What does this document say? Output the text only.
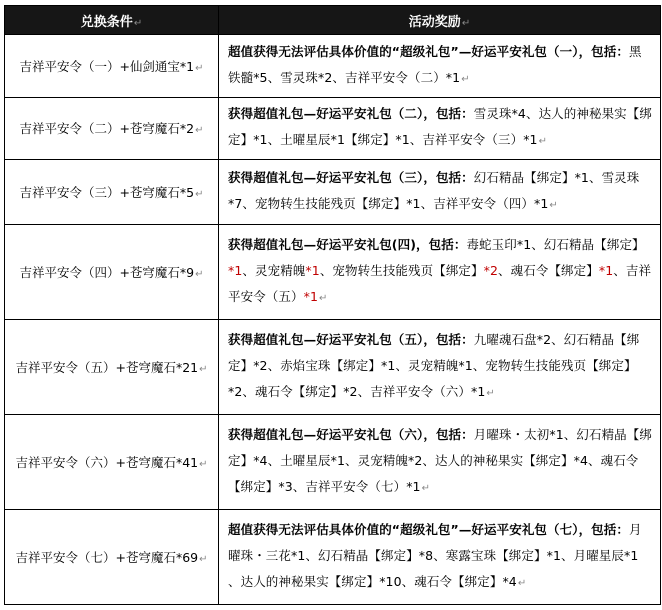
兑换条件↵	活动奖励↵
吉祥平安令（一）+仙剑通宝*1↵	超值获得无法评估具体价值的“超级礼包”—好运平安礼包（一），包括：黑铁髓*5、雪灵珠*2、吉祥平安令（二）*1↵
吉祥平安令（二）+苍穹魔石*2↵	获得超值礼包—好运平安礼包（二），包括：雪灵珠*4、达人的神秘果实【绑定】*1、土曜星辰*1【绑定】*1、吉祥平安令（三）*1↵
吉祥平安令（三）+苍穹魔石*5↵	获得超值礼包—好运平安礼包（三），包括：幻石精晶【绑定】*1、雪灵珠*7、宠物转生技能残页【绑定】*1、吉祥平安令（四）*1↵
吉祥平安令（四）+苍穹魔石*9↵	获得超值礼包—好运平安礼包(四)，包括：毒蛇玉印*1、幻石精晶【绑定】*1、灵宠精魄*1、宠物转生技能残页【绑定】*2、魂石令【绑定】*1、吉祥平安令（五）*1↵
吉祥平安令（五）+苍穹魔石*21↵	获得超值礼包—好运平安礼包（五），包括：九曜魂石盘*2、幻石精晶【绑定】*2、赤焰宝珠【绑定】*1、灵宠精魄*1、宠物转生技能残页【绑定】*2、魂石令【绑定】*2、吉祥平安令（六）*1↵
吉祥平安令（六）+苍穹魔石*41↵	获得超值礼包—好运平安礼包（六），包括：月曜珠・太初*1、幻石精晶【绑定】*4、土曜星辰*1、灵宠精魄*2、达人的神秘果实【绑定】*4、魂石令【绑定】*3、吉祥平安令（七）*1↵
吉祥平安令（七）+苍穹魔石*69↵	超值获得无法评估具体价值的“超级礼包”—好运平安礼包（七），包括：月曜珠・三花*1、幻石精晶【绑定】*8、寒露宝珠【绑定】*1、月曜星辰*1 、达人的神秘果实【绑定】*10、魂石令【绑定】*4↵
